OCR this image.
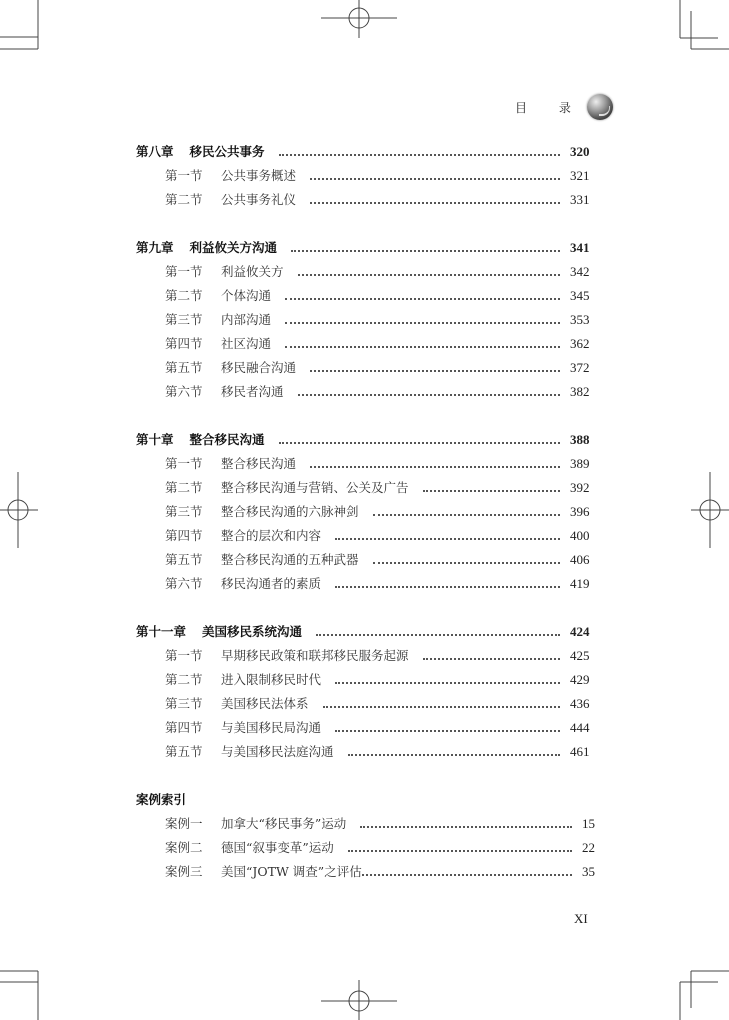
目 录
第八章 移民公共事务	320
第一节	公共事务概述	321
第二节	公共事务礼仪	331
第九章 利益攸关方沟通	341
第一节	利益攸关方	342
第二节	个体沟通	345
第三节	内部沟通	353
第四节	社区沟通	362
第五节	移民融合沟通	372
第六节	移民者沟通	382
第十章 整合移民沟通	388
第一节	整合移民沟通	389
第二节	整合移民沟通与营销、公关及广告	392
第三节	整合移民沟通的六脉神剑	396
第四节	整合的层次和内容	400
第五节	整合移民沟通的五种武器	406
第六节	移民沟通者的素质	419
第十一章 美国移民系统沟通	424
第一节	早期移民政策和联邦移民服务起源	425
第二节	进入限制移民时代	429
第三节	美国移民法体系	436
第四节	与美国移民局沟通	444
第五节	与美国移民法庭沟通	461
案例索引
案例一	加拿大“移民事务”运动	15
案例二	德国“叙事变革”运动	22
案例三	美国“JOTW 调查”之评估	35
XI
